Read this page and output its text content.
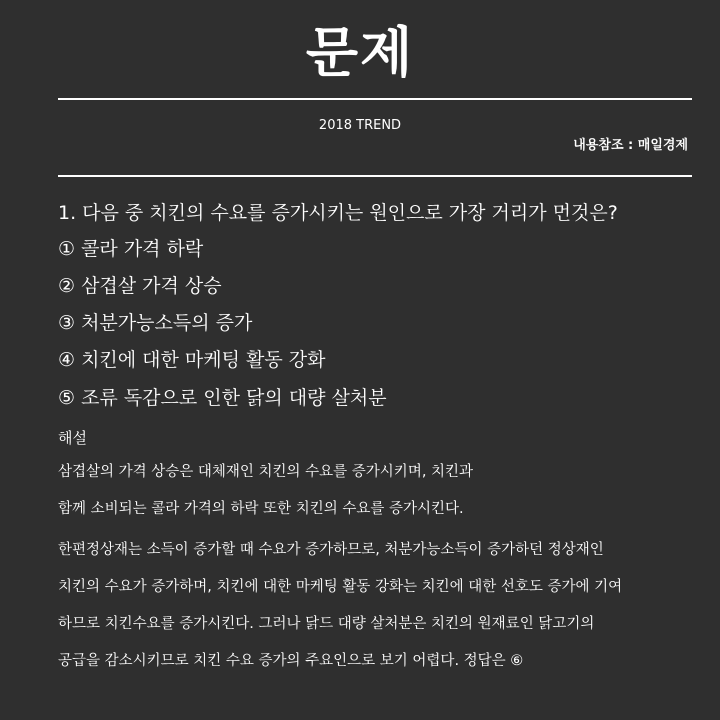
문제
2018 TREND
내용참조 : 매일경제
1. 다음 중 치킨의 수요를 증가시키는 원인으로 가장 거리가 먼것은?
① 콜라 가격 하락
② 삼겹살 가격 상승
③ 처분가능소득의 증가
④ 치킨에 대한 마케팅 활동 강화
⑤ 조류 독감으로 인한 닭의 대량 살처분
해설
삼겹살의 가격 상승은 대체재인 치킨의 수요를 증가시키며, 치킨과
함께 소비되는 콜라 가격의 하락 또한 치킨의 수요를 증가시킨다.
한편정상재는 소득이 증가할 때 수요가 증가하므로, 처분가능소득이 증가하던 정상재인
치킨의 수요가 증가하며, 치킨에 대한 마케팅 활동 강화는 치킨에 대한 선호도 증가에 기여
하므로 치킨수요를 증가시킨다. 그러나 닭드 대량 살처분은 치킨의 원재료인 닭고기의
공급을 감소시키므로 치킨 수요 증가의 주요인으로 보기 어렵다. 정답은 ⑥
